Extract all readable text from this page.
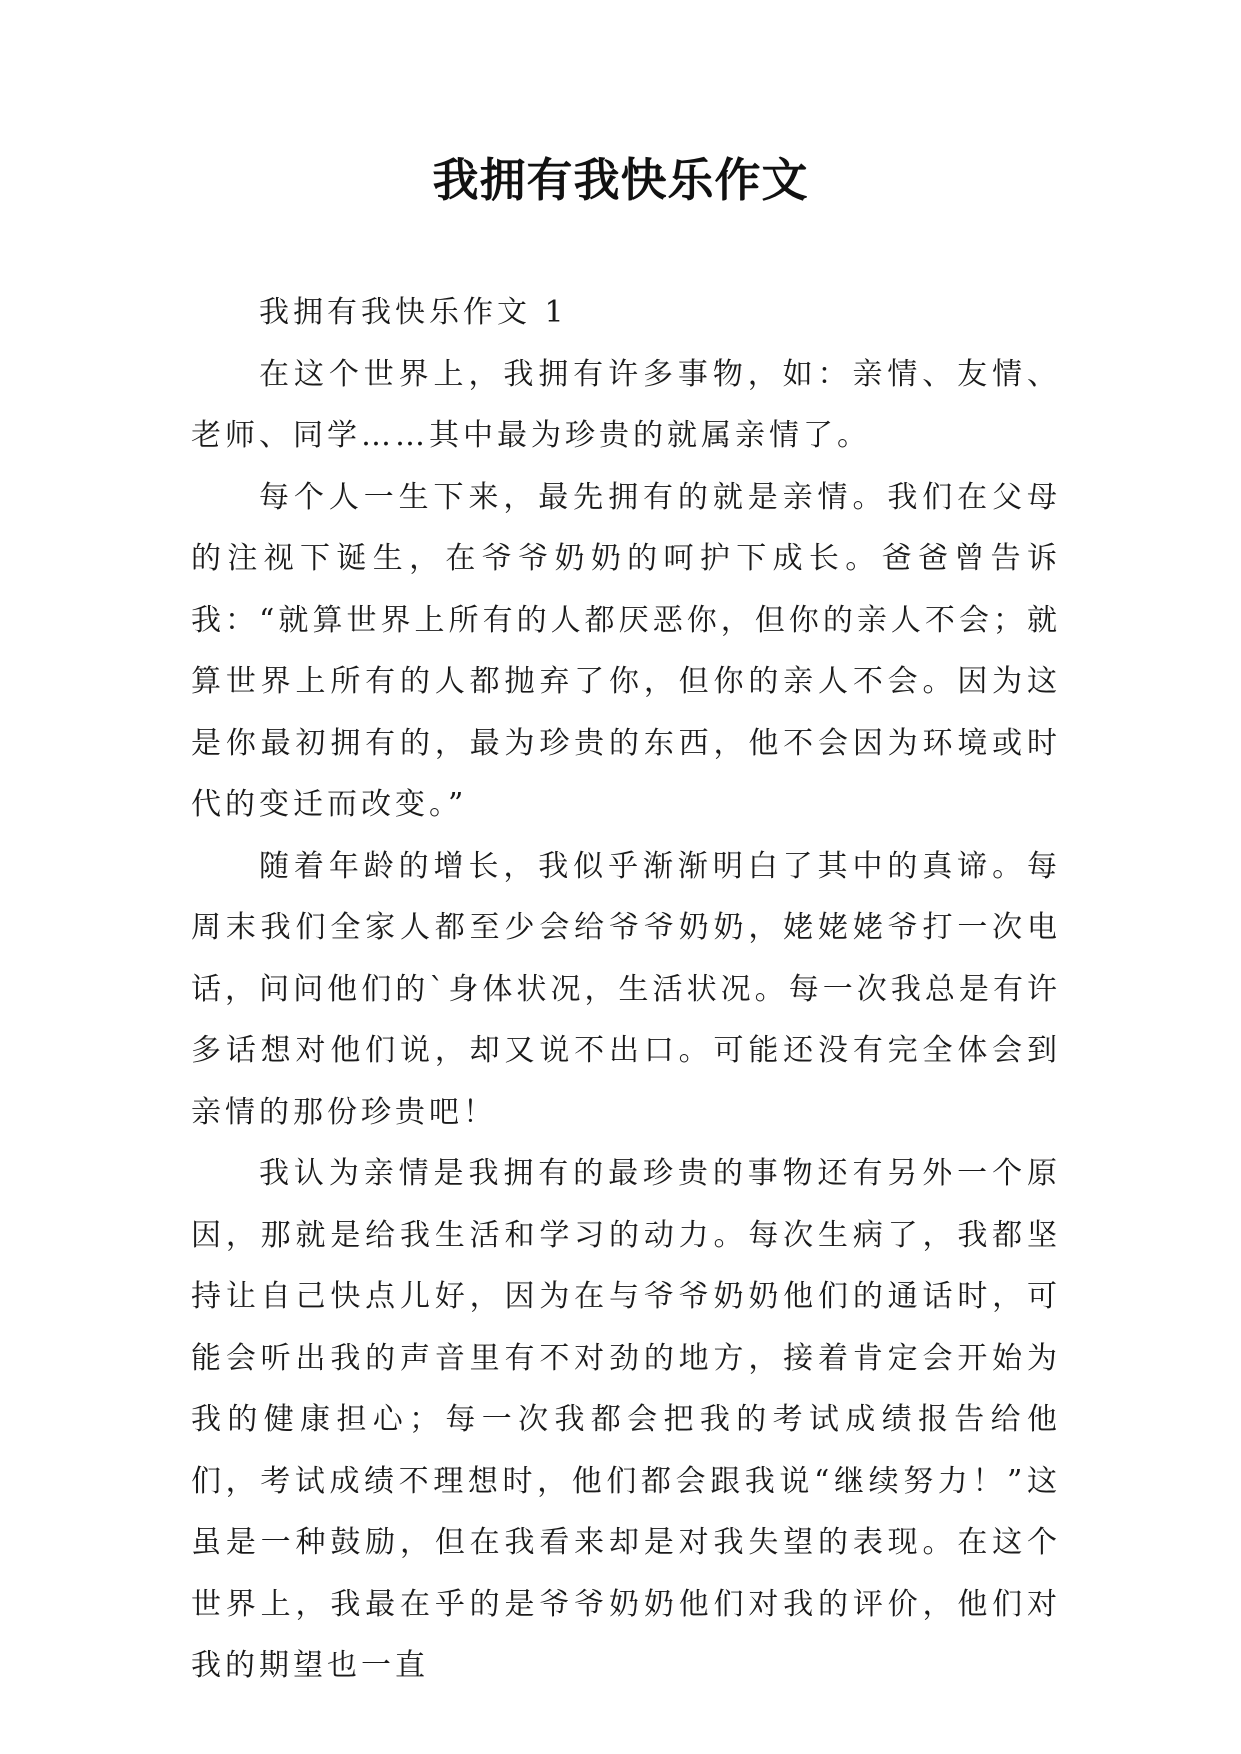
我拥有我快乐作文

我拥有我快乐作文 1

在这个世界上，我拥有许多事物，如：亲情、友情、老师、同学……其中最为珍贵的就属亲情了。

每个人一生下来，最先拥有的就是亲情。我们在父母的注视下诞生，在爷爷奶奶的呵护下成长。爸爸曾告诉我：“就算世界上所有的人都厌恶你，但你的亲人不会；就算世界上所有的人都抛弃了你，但你的亲人不会。因为这是你最初拥有的，最为珍贵的东西，他不会因为环境或时代的变迁而改变。”

随着年龄的增长，我似乎渐渐明白了其中的真谛。每周末我们全家人都至少会给爷爷奶奶，姥姥姥爷打一次电话，问问他们的`身体状况，生活状况。每一次我总是有许多话想对他们说，却又说不出口。可能还没有完全体会到亲情的那份珍贵吧！

我认为亲情是我拥有的最珍贵的事物还有另外一个原因，那就是给我生活和学习的动力。每次生病了，我都坚持让自己快点儿好，因为在与爷爷奶奶他们的通话时，可能会听出我的声音里有不对劲的地方，接着肯定会开始为我的健康担心；每一次我都会把我的考试成绩报告给他们，考试成绩不理想时，他们都会跟我说“继续努力！”这虽是一种鼓励，但在我看来却是对我失望的表现。在这个世界上，我最在乎的是爷爷奶奶他们对我的评价，他们对我的期望也一直
